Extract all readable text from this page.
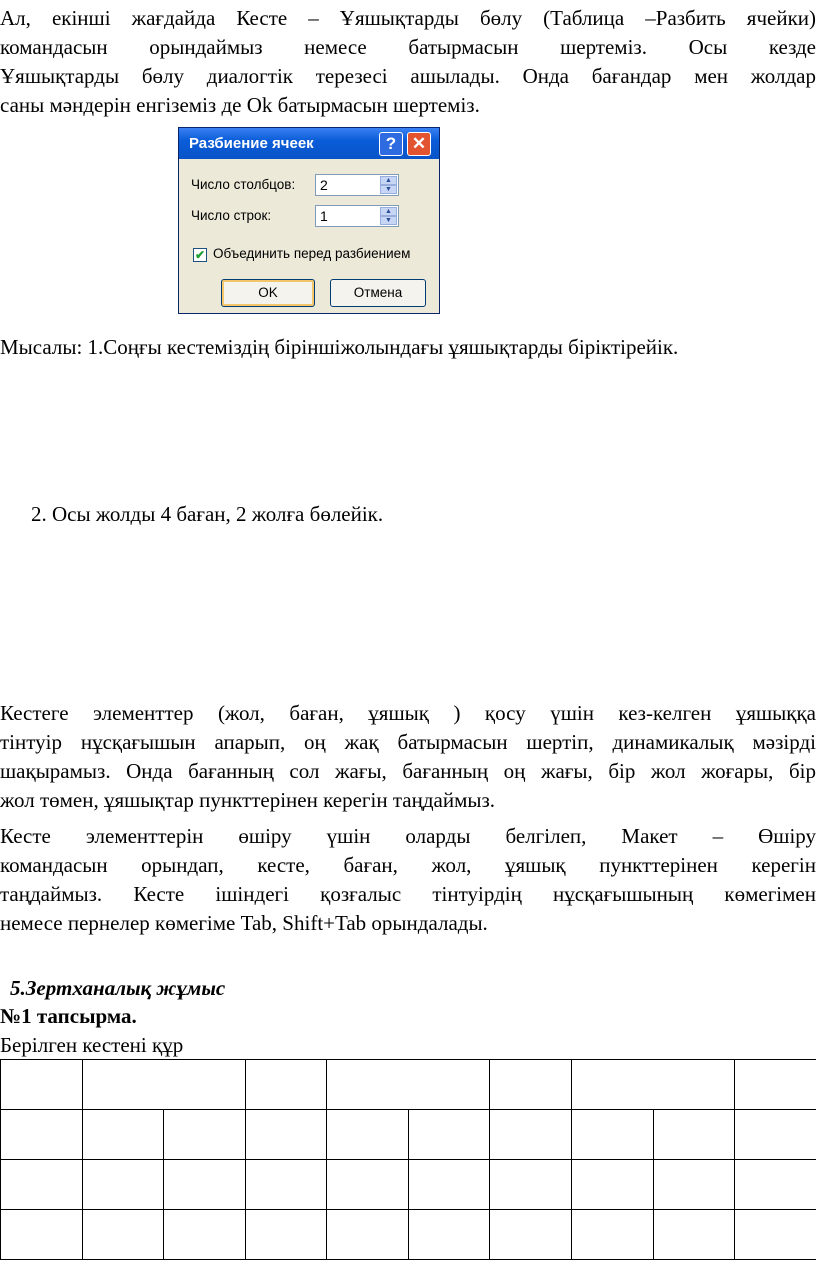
Ал, екінші жағдайда Кесте – Ұяшықтарды бөлу (Таблица –Разбить ячейки)
командасын орындаймыз немесе батырмасын шертеміз. Осы кезде
Ұяшықтарды бөлу диалогтік терезесі ашылады. Онда бағандар мен жолдар
саны мәндерін енгіземіз де Ok батырмасын шертеміз.
Разбиение ячеек	? ✕
Число столбцов: 2	▲
▼
Число строк:	1	▲
▼
✔ Объединить перед разбиением
OK	Отмена
Мысалы: 1.Соңғы кестеміздің біріншіжолындағы ұяшықтарды біріктірейік.
2. Осы жолды 4 баған, 2 жолға бөлейік.
Кестеге элементтер (жол, баған, ұяшық ) қосу үшін кез-келген ұяшыққа
тінтуір нұсқағышын апарып, оң жақ батырмасын шертіп, динамикалық мәзірді
шақырамыз. Онда бағанның сол жағы, бағанның оң жағы, бір жол жоғары, бір
жол төмен, ұяшықтар пункттерінен керегін таңдаймыз.
Кесте элементтерін өшіру үшін оларды белгілеп, Макет – Өшіру
командасын орындап, кесте, баған, жол, ұяшық пункттерінен керегін
таңдаймыз. Кесте ішіндегі қозғалыс тінтуірдің нұсқағышының көмегімен
немесе пернелер көмегіме Tab, Shift+Tab орындалады.
5.Зертханалық жұмыс
№1 тапсырма.
Берілген кестені құр
